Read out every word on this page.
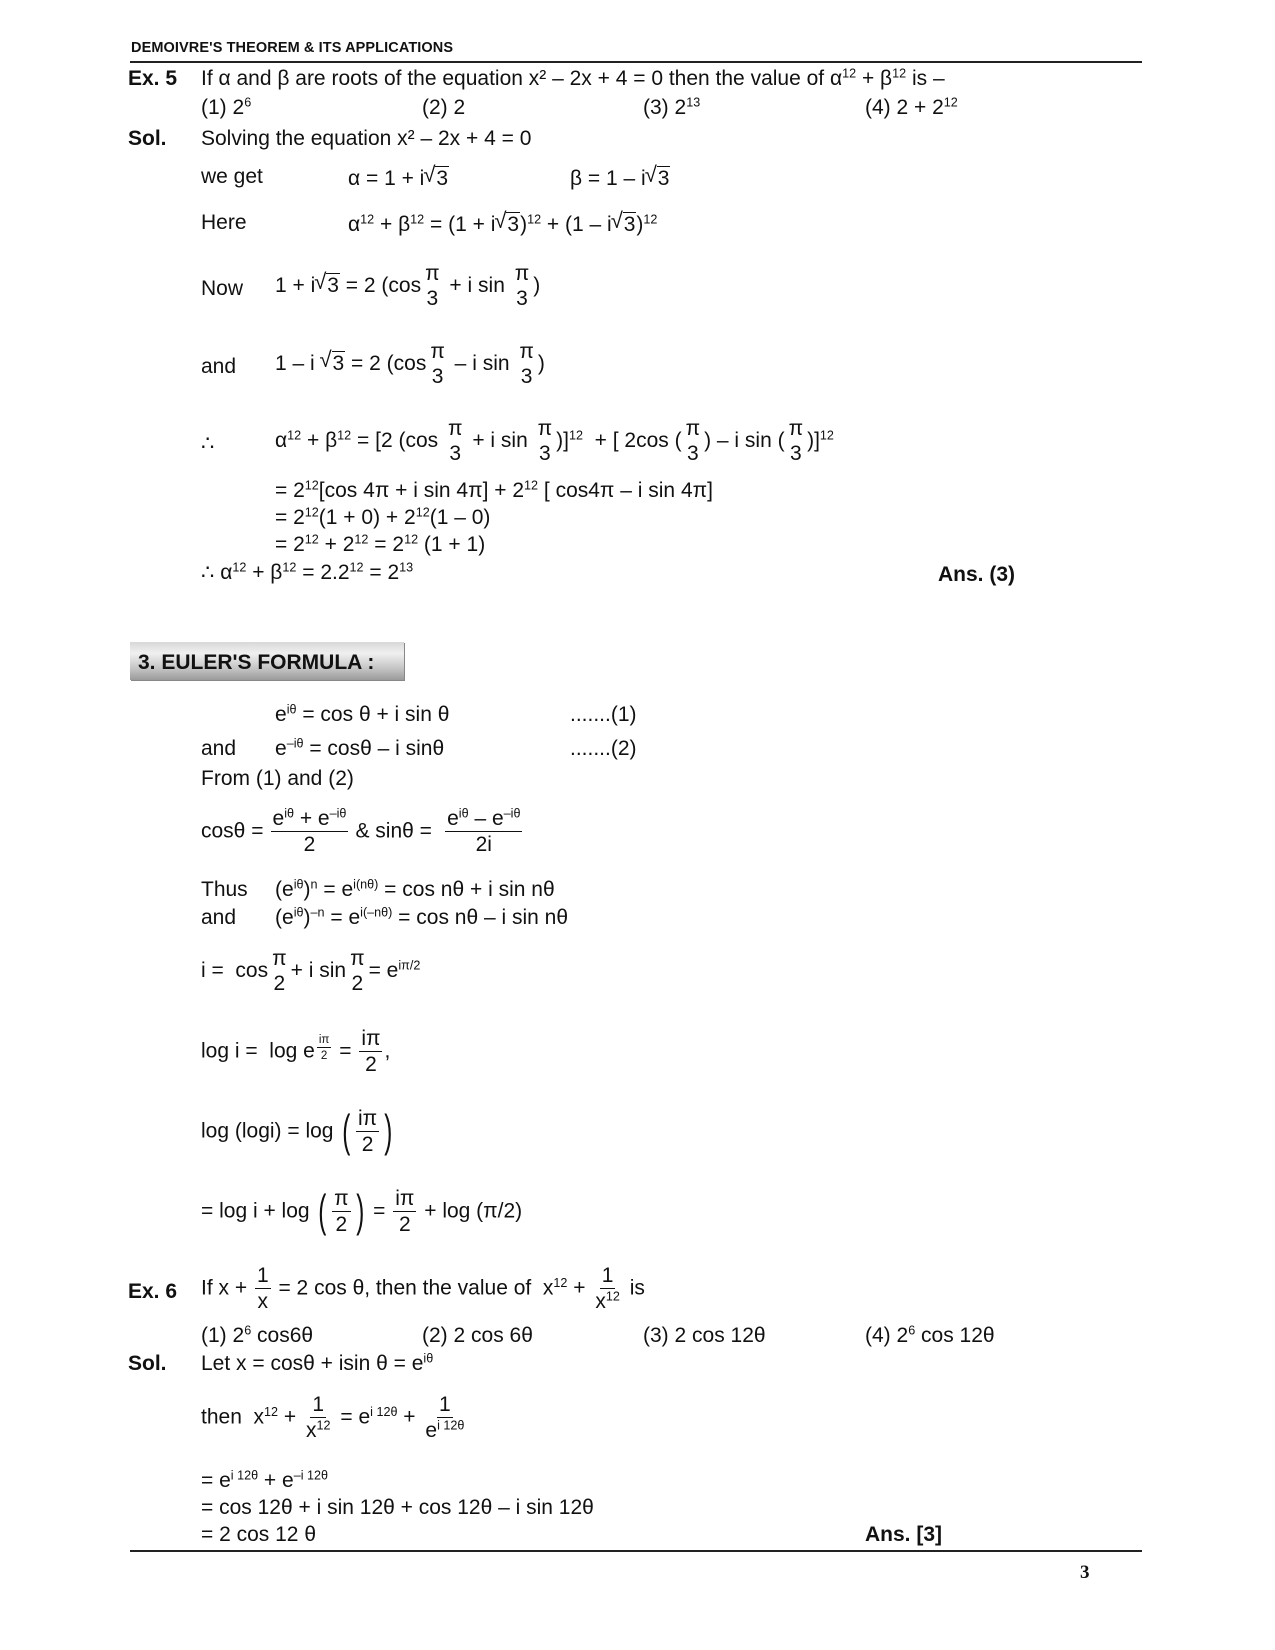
DEMOIVRE'S THEOREM & ITS APPLICATIONS
Ex. 5 If α and β are roots of the equation x² – 2x + 4 = 0 then the value of $\alpha^{12} + \beta^{12}$ is –
(1) $2^6$	(2) 2	(3) $2^{13}$	(4) $2 + 2^{12}$
Sol. Solving the equation x² – 2x + 4 = 0
we get	α = 1 + i √ 3	β = 1 – i √ 3
Here	$\alpha^{12} + \beta^{12} = (1 + i$ √ 3)$^{12}$ + (1 – i √ 3)$^{12}$
Now 1 + i √ 3 = 2 (cos
π
3
+ i sin
π
3
)
and 1 – i √ 3 = 2 (cos
π
3
– i sin
π
3
)
∴	$\alpha^{12} + \beta^{12} = [2$ (cos
π
3
+ i sin
π
3
)]$^{12}$  + [ 2cos (
π
3
) – i sin (
π
3
)]$^{12}$
= $2^{12}[\cos$ 4π + i $\sin 4\pi] + 2^{12}$ [ cos4π – i sin 4π]
= $2^{12}(1 + 0) + 2^{12}(1 - 0)$
= $2^{12} + 2^{12} = 2^{12}$ (1 + 1)
∴ $\alpha^{12} + \beta^{12} = 2.2^{12} = 2^{13}$	Ans. (3)
3. EULER'S FORMULA :
$e^{i\theta} = \cos \theta + i$ sin θ	.......(1)
and $e^{-i\theta} = \cos\theta - i$ sinθ	.......(2)
From (1) and (2)
$\cos\theta = \frac{e^{i\theta} + e^{-i\theta}}{2}$ & $\sin\theta = \frac{e^{i\theta} - e^{-i\theta}}{2i}$
Thus $(e^{i\theta})^n = e^{i(n\theta)} = \cos n\theta + i$ sin nθ
and $(e^{i\theta})^{-n} = e^{i(-n\theta)} = \cos n\theta - i$ sin nθ
i =  cos
π
2
+ i sin
π
2
= $e^{i\pi/2}$
log i =  log e $^{\frac{i\pi}{2}} = \frac{i\pi}{2}$ ,
log (logi) = log ( $\frac{i\pi}{2}$ )
= log i + log ( $\frac{\pi}{2}$ ) = $\frac{i\pi}{2} + \log (\pi/2)$
Ex. 6 If $x + \frac{1}{x} = 2$ cos θ, then the value of  $x^{12} + \frac{1}{x^{12}}$ is
(1) $2^6$ cos6θ	(2) 2 cos 6θ	(3) 2 cos 12θ	(4) $2^6$ cos 12θ
Sol. Let x = cosθ + isin $\theta = e^{i\theta}$
then  $x^{12} + \frac{1}{x^{12}} = e^{i 12\theta} + \frac{1}{e^{i 12\theta}}$
= $e^{i 12\theta} + e^{-i 12\theta}$
= cos 12θ + i sin 12θ + cos 12θ – i sin 12θ
= 2 cos 12 θ	Ans. [3]
3
